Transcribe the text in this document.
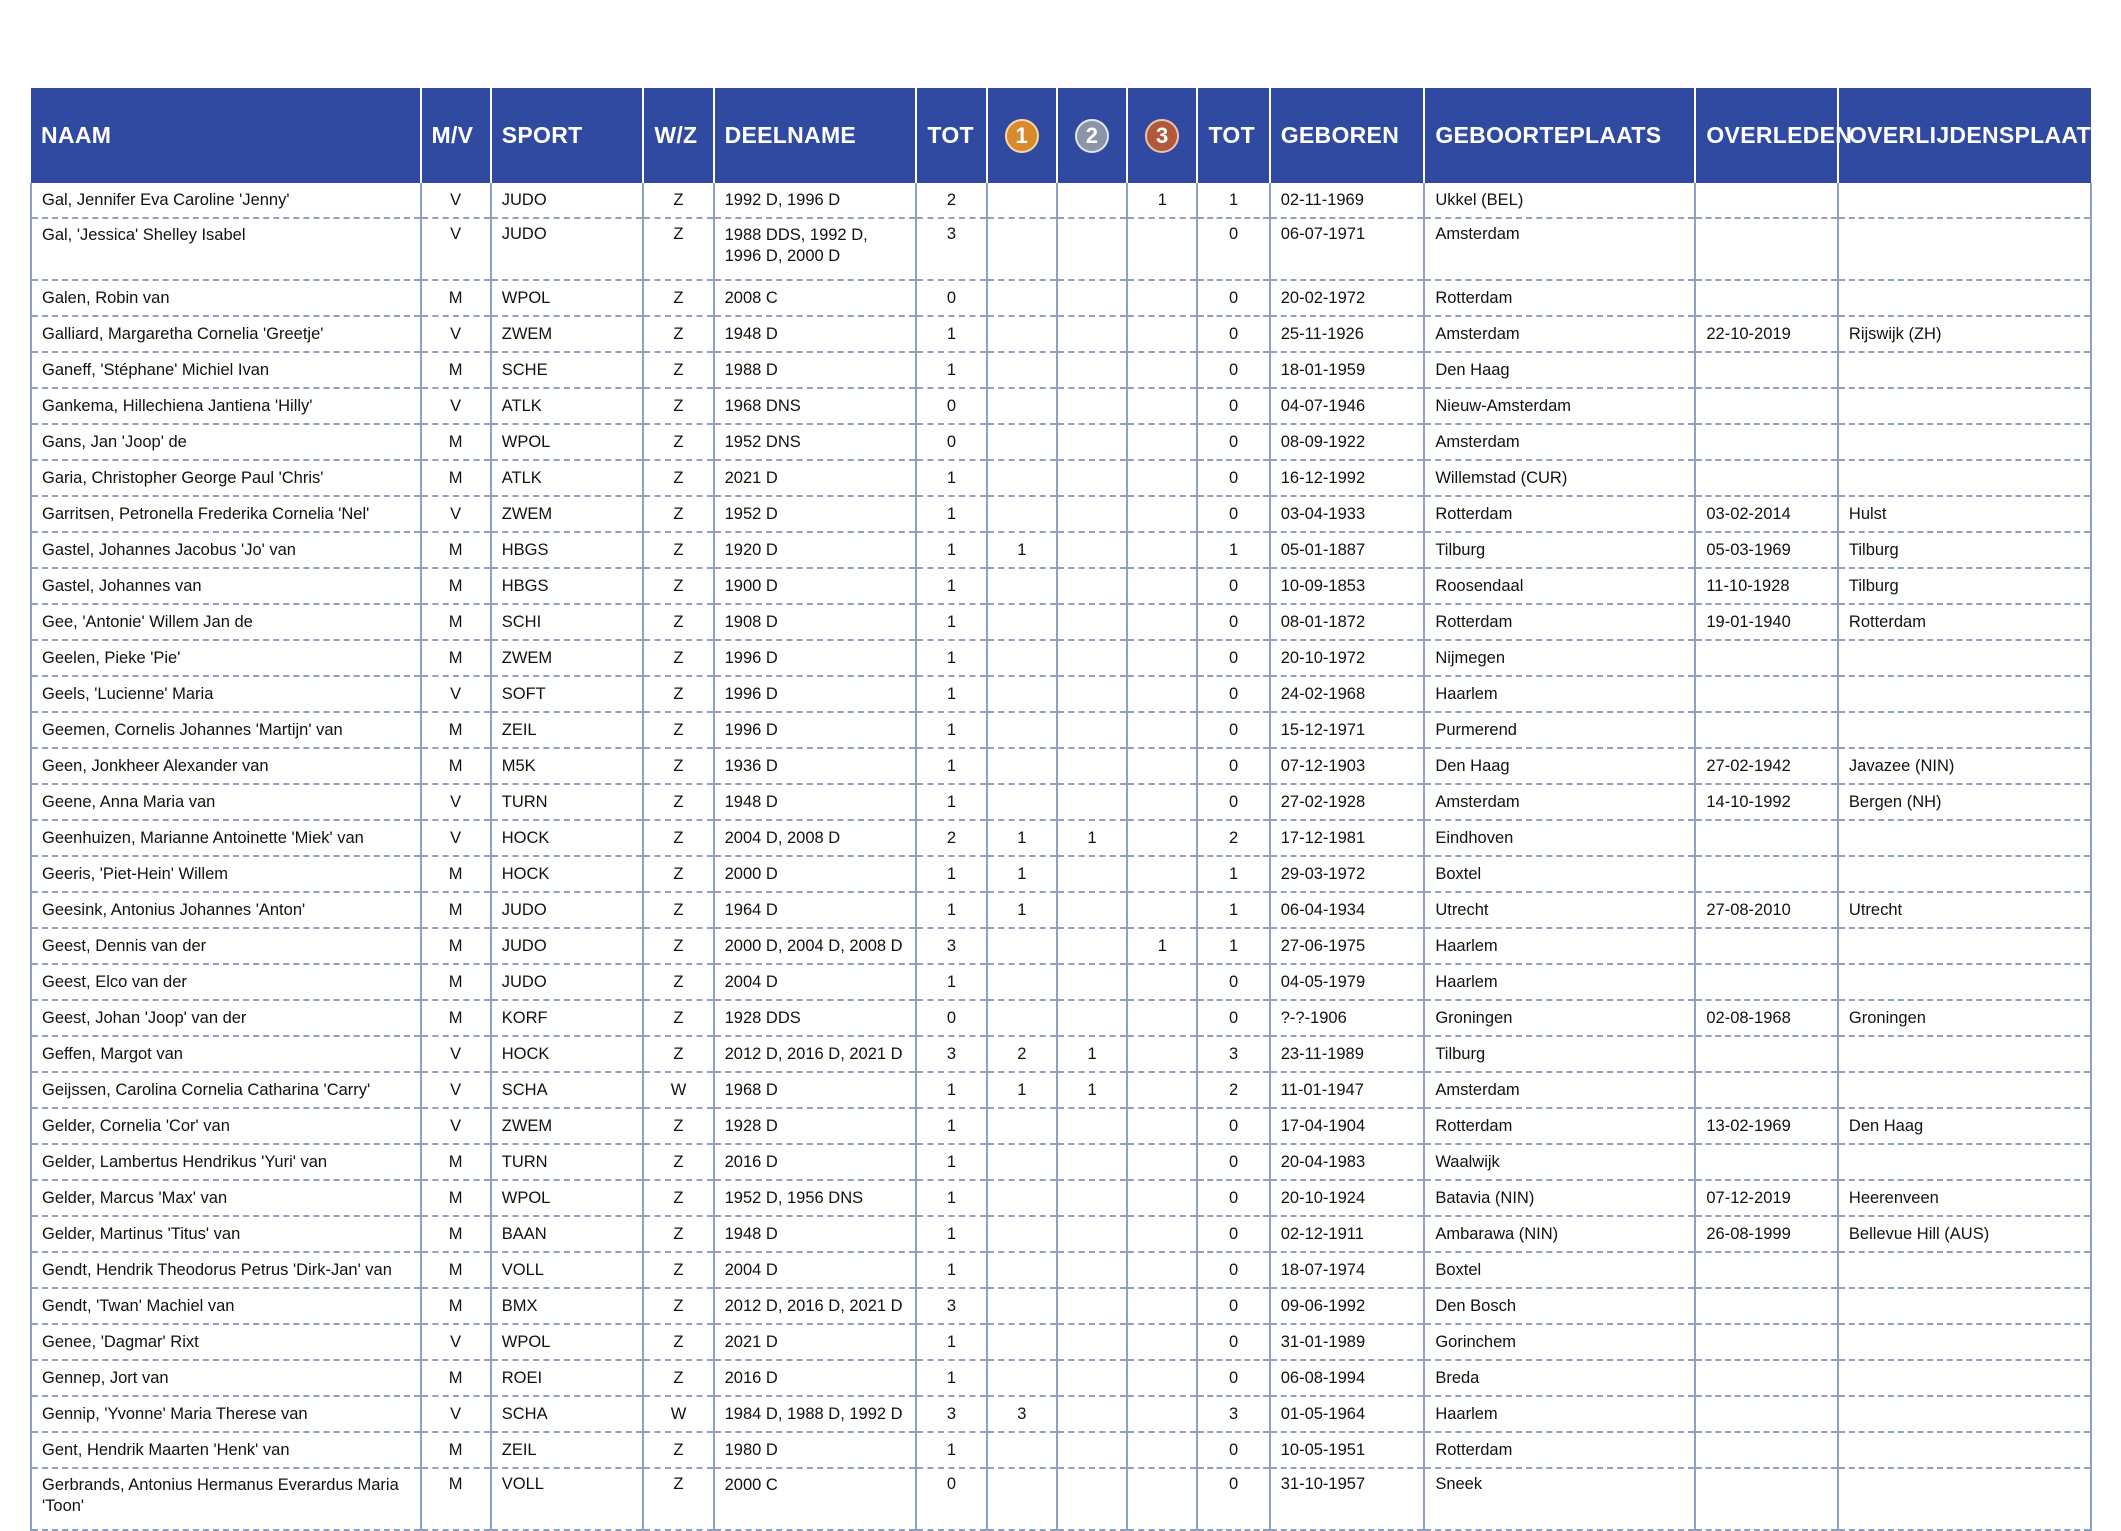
NAAM	M/V	SPORT	W/Z	DEELNAME	TOT	1	2	3	TOT	GEBOREN	GEBOORTEPLAATS	OVERLEDEN	OVERLIJDENSPLAATS
Gal, Jennifer Eva Caroline 'Jenny'	V	JUDO	Z	1992 D, 1996 D	2			1	1	02-11-1969	Ukkel (BEL)		
Gal, 'Jessica' Shelley Isabel	V	JUDO	Z	1988 DDS, 1992 D, 1996 D, 2000 D	3				0	06-07-1971	Amsterdam		
Galen, Robin van	M	WPOL	Z	2008 C	0				0	20-02-1972	Rotterdam		
Galliard, Margaretha Cornelia 'Greetje'	V	ZWEM	Z	1948 D	1				0	25-11-1926	Amsterdam	22-10-2019	Rijswijk (ZH)
Ganeff, 'Stéphane' Michiel Ivan	M	SCHE	Z	1988 D	1				0	18-01-1959	Den Haag		
Gankema, Hillechiena Jantiena 'Hilly'	V	ATLK	Z	1968 DNS	0				0	04-07-1946	Nieuw-Amsterdam		
Gans, Jan 'Joop' de	M	WPOL	Z	1952 DNS	0				0	08-09-1922	Amsterdam		
Garia, Christopher George Paul 'Chris'	M	ATLK	Z	2021 D	1				0	16-12-1992	Willemstad (CUR)		
Garritsen, Petronella Frederika Cornelia 'Nel'	V	ZWEM	Z	1952 D	1				0	03-04-1933	Rotterdam	03-02-2014	Hulst
Gastel, Johannes Jacobus 'Jo' van	M	HBGS	Z	1920 D	1	1			1	05-01-1887	Tilburg	05-03-1969	Tilburg
Gastel, Johannes van	M	HBGS	Z	1900 D	1				0	10-09-1853	Roosendaal	11-10-1928	Tilburg
Gee, 'Antonie' Willem Jan de	M	SCHI	Z	1908 D	1				0	08-01-1872	Rotterdam	19-01-1940	Rotterdam
Geelen, Pieke 'Pie'	M	ZWEM	Z	1996 D	1				0	20-10-1972	Nijmegen		
Geels, 'Lucienne' Maria	V	SOFT	Z	1996 D	1				0	24-02-1968	Haarlem		
Geemen, Cornelis Johannes 'Martijn' van	M	ZEIL	Z	1996 D	1				0	15-12-1971	Purmerend		
Geen, Jonkheer Alexander van	M	M5K	Z	1936 D	1				0	07-12-1903	Den Haag	27-02-1942	Javazee (NIN)
Geene, Anna Maria van	V	TURN	Z	1948 D	1				0	27-02-1928	Amsterdam	14-10-1992	Bergen (NH)
Geenhuizen, Marianne Antoinette 'Miek' van	V	HOCK	Z	2004 D, 2008 D	2	1	1		2	17-12-1981	Eindhoven		
Geeris, 'Piet-Hein' Willem	M	HOCK	Z	2000 D	1	1			1	29-03-1972	Boxtel		
Geesink, Antonius Johannes 'Anton'	M	JUDO	Z	1964 D	1	1			1	06-04-1934	Utrecht	27-08-2010	Utrecht
Geest, Dennis van der	M	JUDO	Z	2000 D, 2004 D, 2008 D	3			1	1	27-06-1975	Haarlem		
Geest, Elco van der	M	JUDO	Z	2004 D	1				0	04-05-1979	Haarlem		
Geest, Johan 'Joop' van der	M	KORF	Z	1928 DDS	0				0	?-?-1906	Groningen	02-08-1968	Groningen
Geffen, Margot van	V	HOCK	Z	2012 D, 2016 D, 2021 D	3	2	1		3	23-11-1989	Tilburg		
Geijssen, Carolina Cornelia Catharina 'Carry'	V	SCHA	W	1968 D	1	1	1		2	11-01-1947	Amsterdam		
Gelder, Cornelia 'Cor' van	V	ZWEM	Z	1928 D	1				0	17-04-1904	Rotterdam	13-02-1969	Den Haag
Gelder, Lambertus Hendrikus 'Yuri' van	M	TURN	Z	2016 D	1				0	20-04-1983	Waalwijk		
Gelder, Marcus 'Max' van	M	WPOL	Z	1952 D, 1956 DNS	1				0	20-10-1924	Batavia (NIN)	07-12-2019	Heerenveen
Gelder, Martinus 'Titus' van	M	BAAN	Z	1948 D	1				0	02-12-1911	Ambarawa (NIN)	26-08-1999	Bellevue Hill (AUS)
Gendt, Hendrik Theodorus Petrus 'Dirk-Jan' van	M	VOLL	Z	2004 D	1				0	18-07-1974	Boxtel		
Gendt, 'Twan' Machiel van	M	BMX	Z	2012 D, 2016 D, 2021 D	3				0	09-06-1992	Den Bosch		
Genee, 'Dagmar' Rixt	V	WPOL	Z	2021 D	1				0	31-01-1989	Gorinchem		
Gennep, Jort van	M	ROEI	Z	2016 D	1				0	06-08-1994	Breda		
Gennip, 'Yvonne' Maria Therese van	V	SCHA	W	1984 D, 1988 D, 1992 D	3	3			3	01-05-1964	Haarlem		
Gent, Hendrik Maarten 'Henk' van	M	ZEIL	Z	1980 D	1				0	10-05-1951	Rotterdam		
Gerbrands, Antonius Hermanus Everardus Maria 'Toon'	M	VOLL	Z	2000 C	0				0	31-10-1957	Sneek		
